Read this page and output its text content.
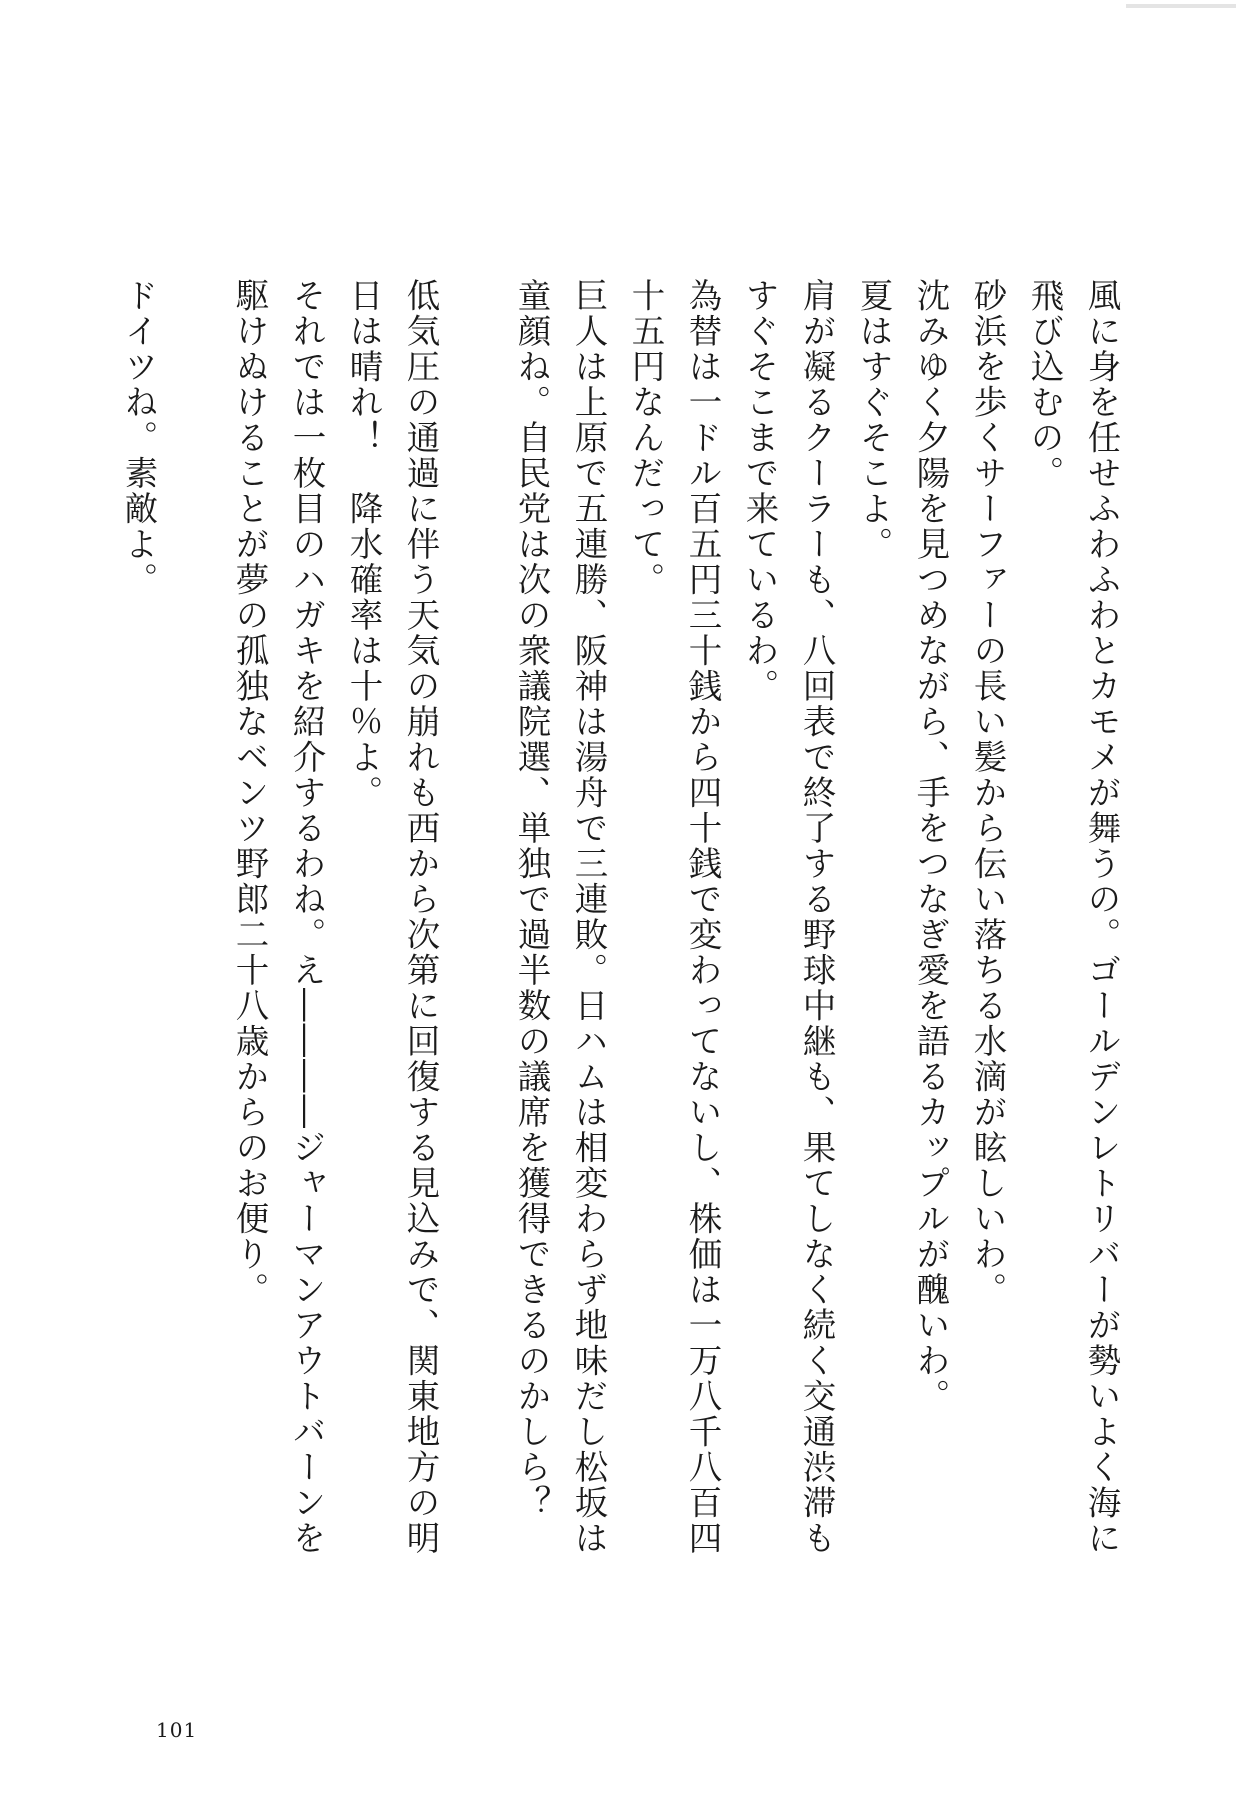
風に身を任せふわふわとカモメが舞うの。ゴールデンレトリバーが勢いよく海に飛び込むの。
砂浜を歩くサーファーの長い髪から伝い落ちる水滴が眩しいわ。
沈みゆく夕陽を見つめながら、手をつなぎ愛を語るカップルが醜いわ。
夏はすぐそこよ。
肩が凝るクーラーも、八回表で終了する野球中継も、果てしなく続く交通渋滞もすぐそこまで来ているわ。
為替は一ドル百五円三十銭から四十銭で変わってないし、株価は一万八千八百四十五円なんだって。
巨人は上原で五連勝、阪神は湯舟で三連敗。日ハムは相変わらず地味だし松坂は童顔ね。自民党は次の衆議院選、単独で過半数の議席を獲得できるのかしら？
低気圧の通過に伴う天気の崩れも西から次第に回復する見込みで、関東地方の明日は晴れ！　降水確率は十％よ。
それでは一枚目のハガキを紹介するわね。え――――ジャーマンアウトバーンを駆けぬけることが夢の孤独なベンツ野郎二十八歳からのお便り。
ドイツね。素敵よ。
101
